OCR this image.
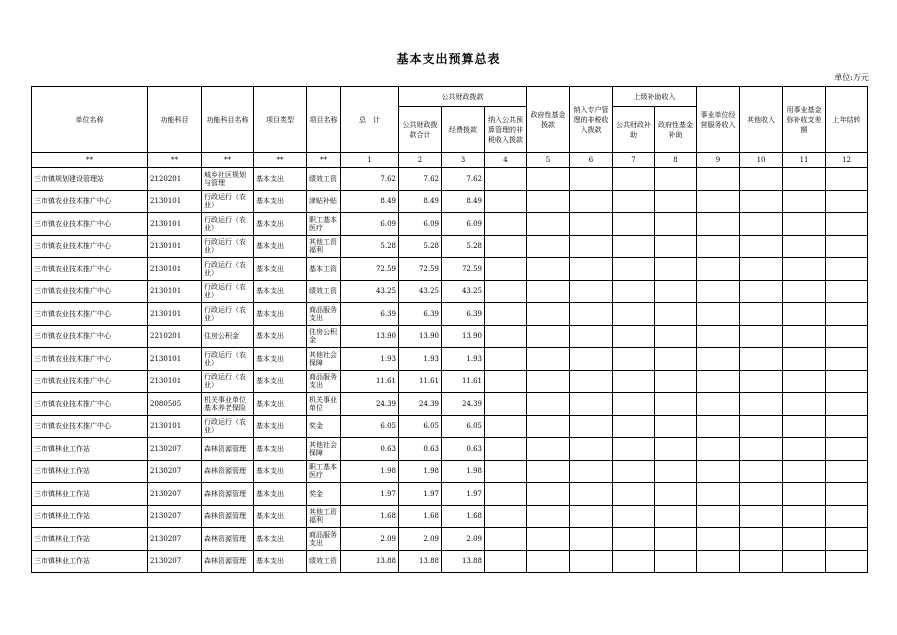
基本支出预算总表
单位:万元
单位名称	功能科目	功能科目名称	项目类型	项目名称	总　计	公共财政拨款			政府性基金拨款	纳入专户管理的非税收入拨款	上级补助收入		事业单位经营服务收入	其他收入	用事业基金弥补收支差额	上年结转
						公共财政拨款合计	经费拨款	纳入公共预算管理的非税收入拨款			公共财政补助	政府性基金补助				
**	**	**	**	**	1	2	3	4	5	6	7	8	9	10	11	12
三市镇规划建设管理站	2120201	城乡社区规划与管理	基本支出	绩效工资	7.62	7.62	7.62									
三市镇农业技术推广中心	2130101	行政运行（农业）	基本支出	津贴补贴	8.49	8.49	8.49									
三市镇农业技术推广中心	2130101	行政运行（农业）	基本支出	职工基本医疗	6.09	6.09	6.09									
三市镇农业技术推广中心	2130101	行政运行（农业）	基本支出	其他工资福利	5.28	5.28	5.28									
三市镇农业技术推广中心	2130101	行政运行（农业）	基本支出	基本工资	72.59	72.59	72.59									
三市镇农业技术推广中心	2130101	行政运行（农业）	基本支出	绩效工资	43.25	43.25	43.25									
三市镇农业技术推广中心	2130101	行政运行（农业）	基本支出	商品服务支出	6.39	6.39	6.39									
三市镇农业技术推广中心	2210201	住房公积金	基本支出	住房公积金	13.90	13.90	13.90									
三市镇农业技术推广中心	2130101	行政运行（农业）	基本支出	其他社会保障	1.93	1.93	1.93									
三市镇农业技术推广中心	2130101	行政运行（农业）	基本支出	商品服务支出	11.61	11.61	11.61									
三市镇农业技术推广中心	2080505	机关事业单位基本养老保险	基本支出	机关事业单位	24.39	24.39	24.39									
三市镇农业技术推广中心	2130101	行政运行（农业）	基本支出	奖金	6.05	6.05	6.05									
三市镇林业工作站	2130207	森林资源管理	基本支出	其他社会保障	0.63	0.63	0.63									
三市镇林业工作站	2130207	森林资源管理	基本支出	职工基本医疗	1.98	1.98	1.98									
三市镇林业工作站	2130207	森林资源管理	基本支出	奖金	1.97	1.97	1.97									
三市镇林业工作站	2130207	森林资源管理	基本支出	其他工资福利	1.68	1.68	1.68									
三市镇林业工作站	2130207	森林资源管理	基本支出	商品服务支出	2.09	2.09	2.09									
三市镇林业工作站	2130207	森林资源管理	基本支出	绩效工资	13.88	13.88	13.88									
